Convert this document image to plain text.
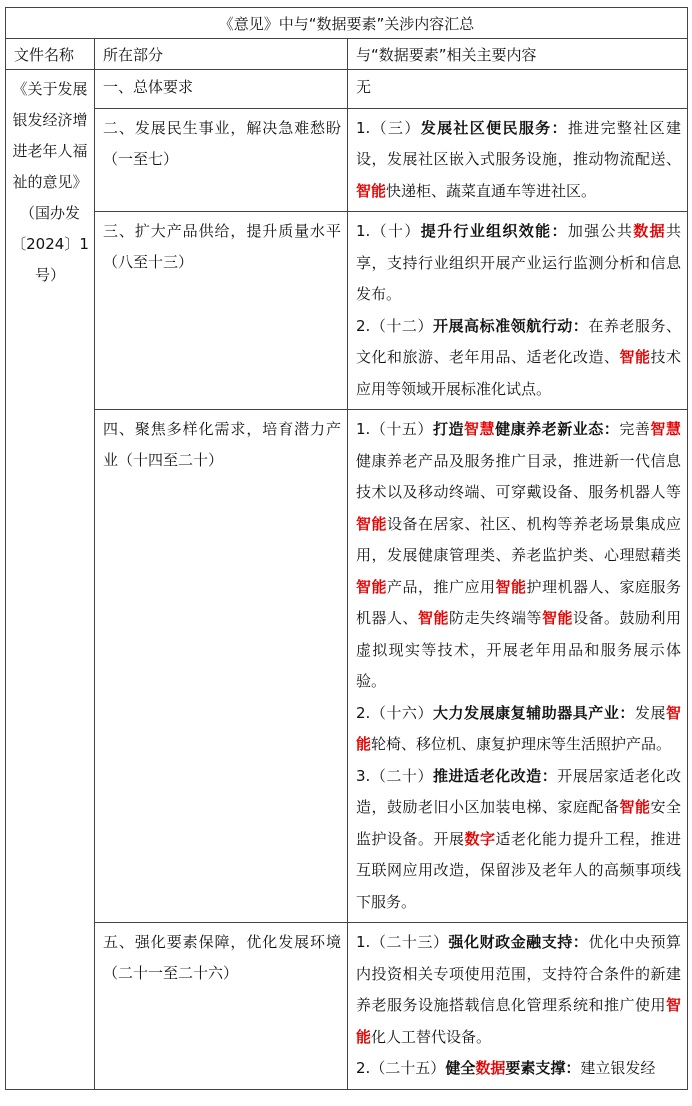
《意见》中与“数据要素”关涉内容汇总		
文件名称	所在部分	与“数据要素”相关主要内容
《关于发展银发经济增进老年人福祉的意见》（国办发〔2024〕1号）	一、总体要求	无

	二、发展民生事业，解决急难愁盼（一至七）	1.（三）发展社区便民服务：推进完整社区建设，发展社区嵌入式服务设施，推动物流配送、智能快递柜、蔬菜直通车等进社区。

	三、扩大产品供给，提升质量水平（八至十三）	1.（十）提升行业组织效能：加强公共数据共享，支持行业组织开展产业运行监测分析和信息发布。
2.（十二）开展高标准领航行动：在养老服务、文化和旅游、老年用品、适老化改造、智能技术应用等领域开展标准化试点。

	四、聚焦多样化需求，培育潜力产业（十四至二十）	1.（十五）打造智慧健康养老新业态：完善智慧健康养老产品及服务推广目录，推进新一代信息技术以及移动终端、可穿戴设备、服务机器人等智能设备在居家、社区、机构等养老场景集成应用，发展健康管理类、养老监护类、心理慰藉类智能产品，推广应用智能护理机器人、家庭服务机器人、智能防走失终端等智能设备。鼓励利用虚拟现实等技术，开展老年用品和服务展示体验。
2.（十六）大力发展康复辅助器具产业：发展智能轮椅、移位机、康复护理床等生活照护产品。
3.（二十）推进适老化改造：开展居家适老化改造，鼓励老旧小区加装电梯、家庭配备智能安全监护设备。开展数字适老化能力提升工程，推进互联网应用改造，保留涉及老年人的高频事项线下服务。

	五、强化要素保障，优化发展环境（二十一至二十六）	1.（二十三）强化财政金融支持：优化中央预算内投资相关专项使用范围，支持符合条件的新建养老服务设施搭载信息化管理系统和推广使用智能化人工替代设备。
2.（二十五）健全数据要素支撑：建立银发经
